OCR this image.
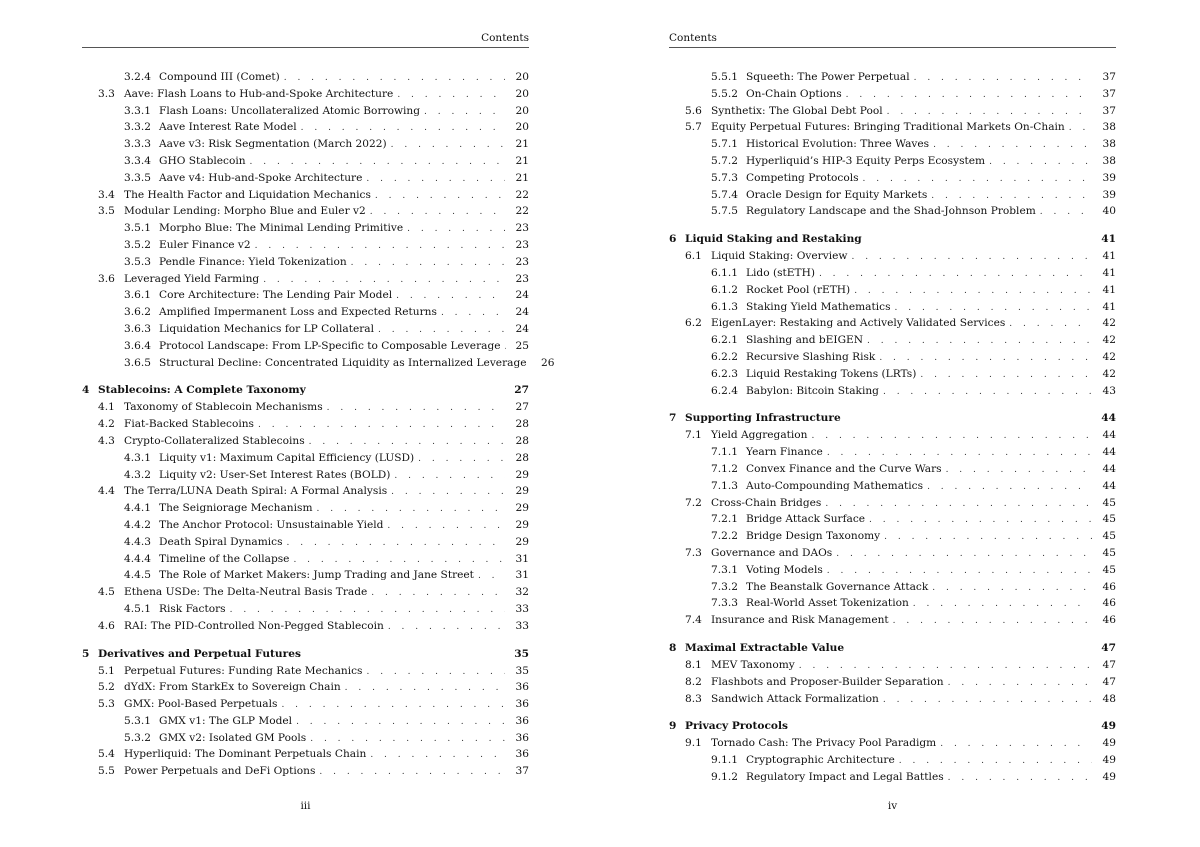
Contents
3.2.4 Compound III (Comet) . . .	20
3.3 Aave: Flash Loans to Hub-and-Spoke Architecture . . .	20
3.3.1 Flash Loans: Uncollateralized Atomic Borrowing . . .	20
3.3.2 Aave Interest Rate Model . . .	20
3.3.3 Aave v3: Risk Segmentation (March 2022) . . .	21
3.3.4 GHO Stablecoin . . .	21
3.3.5 Aave v4: Hub-and-Spoke Architecture . . .	21
3.4 The Health Factor and Liquidation Mechanics . . .	22
3.5 Modular Lending: Morpho Blue and Euler v2 . . .	22
3.5.1 Morpho Blue: The Minimal Lending Primitive . . .	23
3.5.2 Euler Finance v2 . . .	23
3.5.3 Pendle Finance: Yield Tokenization . . .	23
3.6 Leveraged Yield Farming . . .	23
3.6.1 Core Architecture: The Lending Pair Model . . .	24
3.6.2 Amplified Impermanent Loss and Expected Returns . . .	24
3.6.3 Liquidation Mechanics for LP Collateral . . .	24
3.6.4 Protocol Landscape: From LP-Specific to Composable Leverage . . .	25
3.6.5 Structural Decline: Concentrated Liquidity as Internalized Leverage	26
4 Stablecoins: A Complete Taxonomy	27
4.1 Taxonomy of Stablecoin Mechanisms . . .	27
4.2 Fiat-Backed Stablecoins . . .	28
4.3 Crypto-Collateralized Stablecoins . . .	28
4.3.1 Liquity v1: Maximum Capital Efficiency (LUSD) . . .	28
4.3.2 Liquity v2: User-Set Interest Rates (BOLD) . . .	29
4.4 The Terra/LUNA Death Spiral: A Formal Analysis . . .	29
4.4.1 The Seigniorage Mechanism . . .	29
4.4.2 The Anchor Protocol: Unsustainable Yield . . .	29
4.4.3 Death Spiral Dynamics . . .	29
4.4.4 Timeline of the Collapse . . .	31
4.4.5 The Role of Market Makers: Jump Trading and Jane Street . . .	31
4.5 Ethena USDe: The Delta-Neutral Basis Trade . . .	32
4.5.1 Risk Factors . . .	33
4.6 RAI: The PID-Controlled Non-Pegged Stablecoin . . .	33
5 Derivatives and Perpetual Futures	35
5.1 Perpetual Futures: Funding Rate Mechanics . . .	35
5.2 dYdX: From StarkEx to Sovereign Chain . . .	36
5.3 GMX: Pool-Based Perpetuals . . .	36
5.3.1 GMX v1: The GLP Model . . .	36
5.3.2 GMX v2: Isolated GM Pools . . .	36
5.4 Hyperliquid: The Dominant Perpetuals Chain . . .	36
5.5 Power Perpetuals and DeFi Options . . .	37
iii
Contents
5.5.1 Squeeth: The Power Perpetual . . .	37
5.5.2 On-Chain Options . . .	37
5.6 Synthetix: The Global Debt Pool . . .	37
5.7 Equity Perpetual Futures: Bringing Traditional Markets On-Chain . . .	38
5.7.1 Historical Evolution: Three Waves . . .	38
5.7.2 Hyperliquid’s HIP-3 Equity Perps Ecosystem . . .	38
5.7.3 Competing Protocols . . .	39
5.7.4 Oracle Design for Equity Markets . . .	39
5.7.5 Regulatory Landscape and the Shad-Johnson Problem . . .	40
6 Liquid Staking and Restaking	41
6.1 Liquid Staking: Overview . . .	41
6.1.1 Lido (stETH) . . .	41
6.1.2 Rocket Pool (rETH) . . .	41
6.1.3 Staking Yield Mathematics . . .	41
6.2 EigenLayer: Restaking and Actively Validated Services . . .	42
6.2.1 Slashing and bEIGEN . . .	42
6.2.2 Recursive Slashing Risk . . .	42
6.2.3 Liquid Restaking Tokens (LRTs) . . .	42
6.2.4 Babylon: Bitcoin Staking . . .	43
7 Supporting Infrastructure	44
7.1 Yield Aggregation . . .	44
7.1.1 Yearn Finance . . .	44
7.1.2 Convex Finance and the Curve Wars . . .	44
7.1.3 Auto-Compounding Mathematics . . .	44
7.2 Cross-Chain Bridges . . .	45
7.2.1 Bridge Attack Surface . . .	45
7.2.2 Bridge Design Taxonomy . . .	45
7.3 Governance and DAOs . . .	45
7.3.1 Voting Models . . .	45
7.3.2 The Beanstalk Governance Attack . . .	46
7.3.3 Real-World Asset Tokenization . . .	46
7.4 Insurance and Risk Management . . .	46
8 Maximal Extractable Value	47
8.1 MEV Taxonomy . . .	47
8.2 Flashbots and Proposer-Builder Separation . . .	47
8.3 Sandwich Attack Formalization . . .	48
9 Privacy Protocols	49
9.1 Tornado Cash: The Privacy Pool Paradigm . . .	49
9.1.1 Cryptographic Architecture . . .	49
9.1.2 Regulatory Impact and Legal Battles . . .	49
iv
